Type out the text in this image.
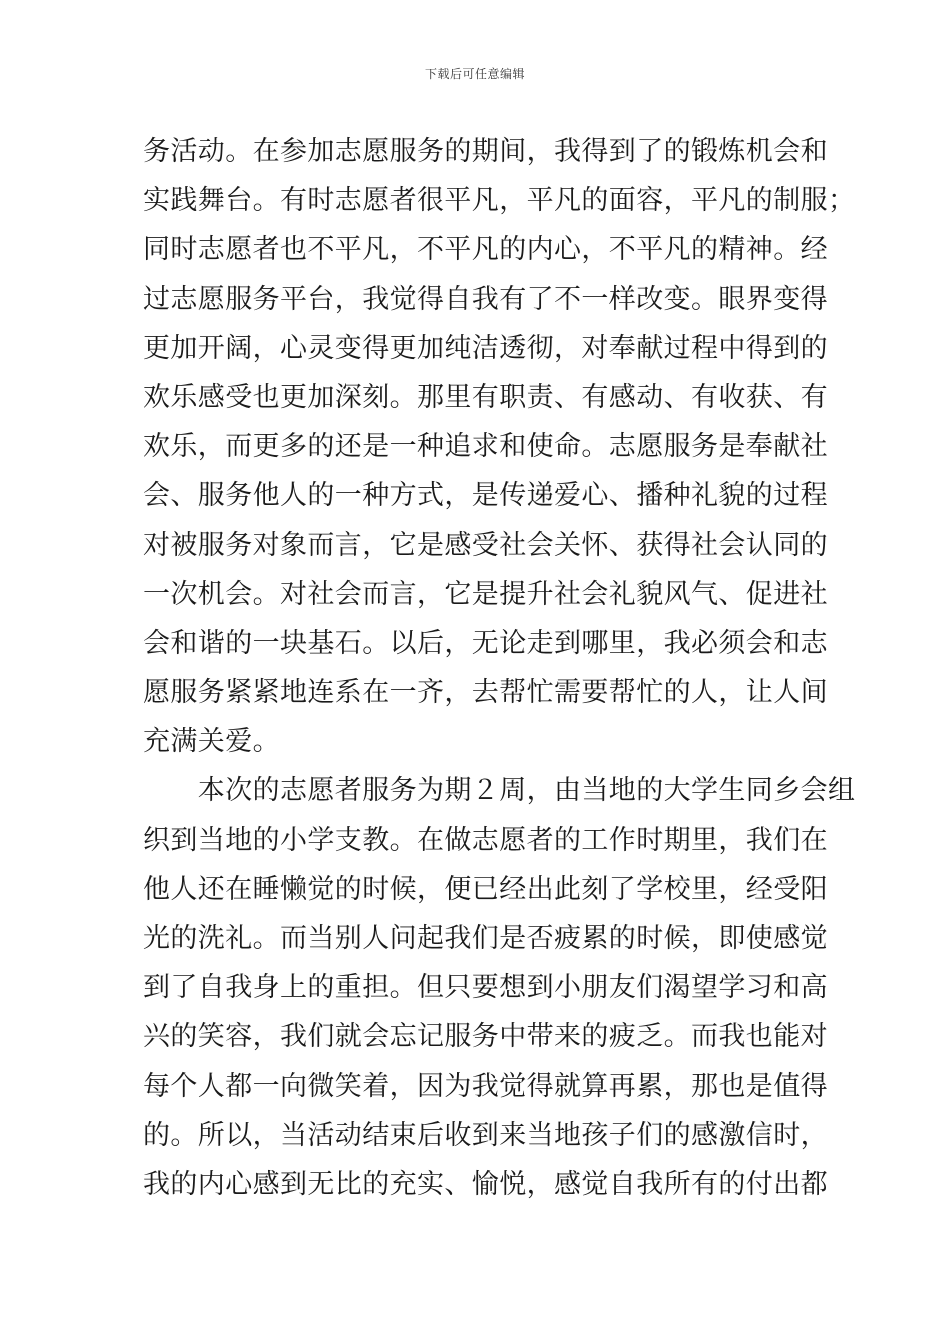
下载后可任意编辑
务活动。在参加志愿服务的期间，我得到了的锻炼机会和
实践舞台。有时志愿者很平凡，平凡的面容，平凡的制服；
同时志愿者也不平凡，不平凡的内心，不平凡的精神。经
过志愿服务平台，我觉得自我有了不一样改变。眼界变得
更加开阔，心灵变得更加纯洁透彻，对奉献过程中得到的
欢乐感受也更加深刻。那里有职责、有感动、有收获、有
欢乐，而更多的还是一种追求和使命。志愿服务是奉献社
会、服务他人的一种方式，是传递爱心、播种礼貌的过程
对被服务对象而言，它是感受社会关怀、获得社会认同的
一次机会。对社会而言，它是提升社会礼貌风气、促进社
会和谐的一块基石。以后，无论走到哪里，我必须会和志
愿服务紧紧地连系在一齐，去帮忙需要帮忙的人，让人间
充满关爱。
　　本次的志愿者服务为期２周，由当地的大学生同乡会组
织到当地的小学支教。在做志愿者的工作时期里，我们在
他人还在睡懒觉的时候，便已经出此刻了学校里，经受阳
光的洗礼。而当别人问起我们是否疲累的时候，即使感觉
到了自我身上的重担。但只要想到小朋友们渴望学习和高
兴的笑容，我们就会忘记服务中带来的疲乏。而我也能对
每个人都一向微笑着，因为我觉得就算再累，那也是值得
的。所以，当活动结束后收到来当地孩子们的感激信时，
我的内心感到无比的充实、愉悦，感觉自我所有的付出都
